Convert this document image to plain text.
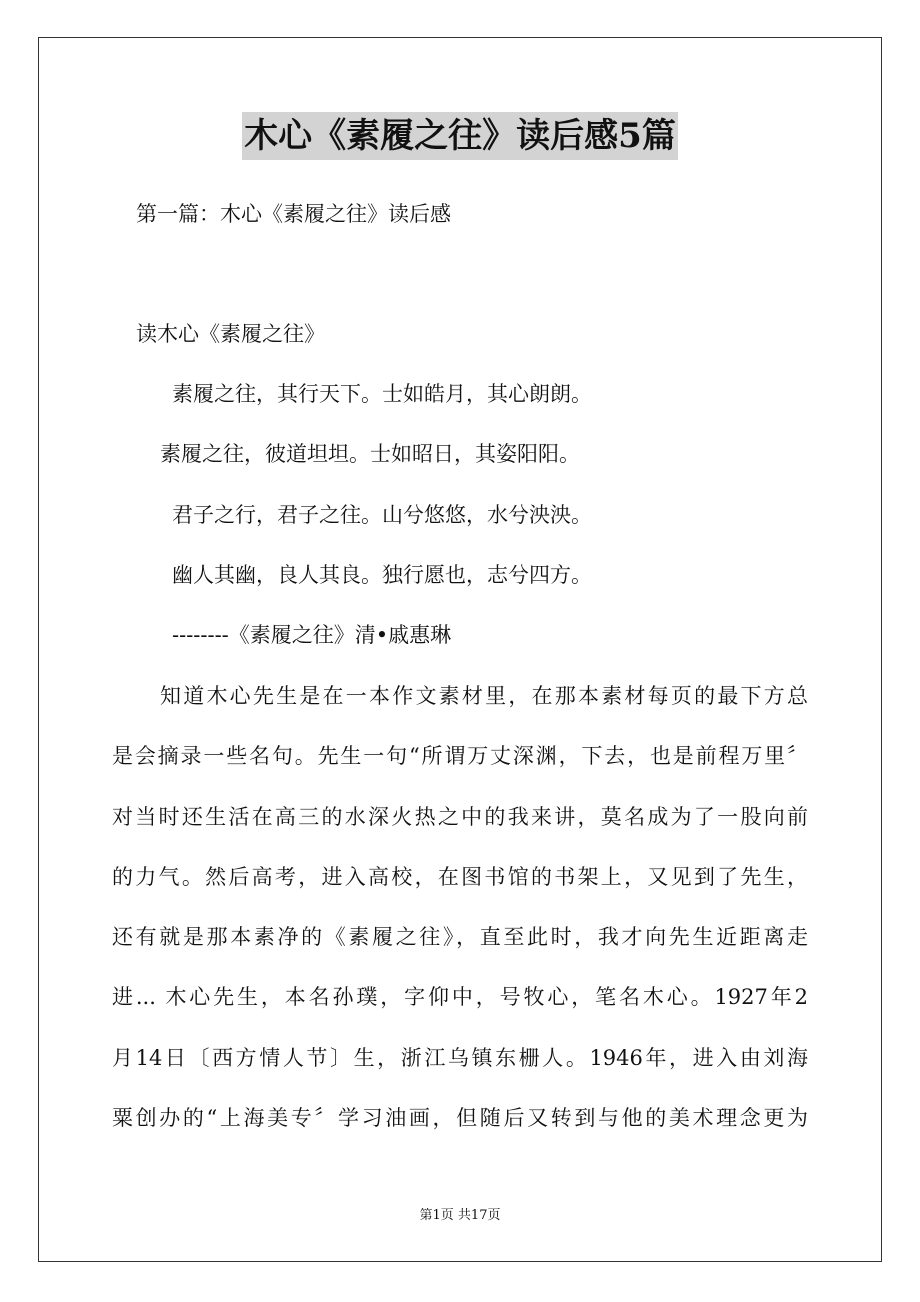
木心《素履之往》读后感5篇
第一篇：木心《素履之往》读后感
读木心《素履之往》
素履之往，其行天下。士如皓月，其心朗朗。
素履之往，彼道坦坦。士如昭日，其姿阳阳。
君子之行，君子之往。山兮悠悠，水兮泱泱。
幽人其幽，良人其良。独行愿也，志兮四方。
--------《素履之往》清•戚惠琳
知道木心先生是在一本作文素材里，在那本素材每页的最下方总
是会摘录一些名句。先生一句“所谓万丈深渊，下去，也是前程万里〞
对当时还生活在高三的水深火热之中的我来讲，莫名成为了一股向前
的力气。然后高考，进入高校，在图书馆的书架上，又见到了先生，
还有就是那本素净的《素履之往》，直至此时，我才向先生近距离走
进... 木心先生，本名孙璞，字仰中，号牧心，笔名木心。1927年2
月14日〔西方情人节〕生，浙江乌镇东栅人。1946年，进入由刘海
粟创办的“上海美专〞学习油画，但随后又转到与他的美术理念更为
第1页 共17页
